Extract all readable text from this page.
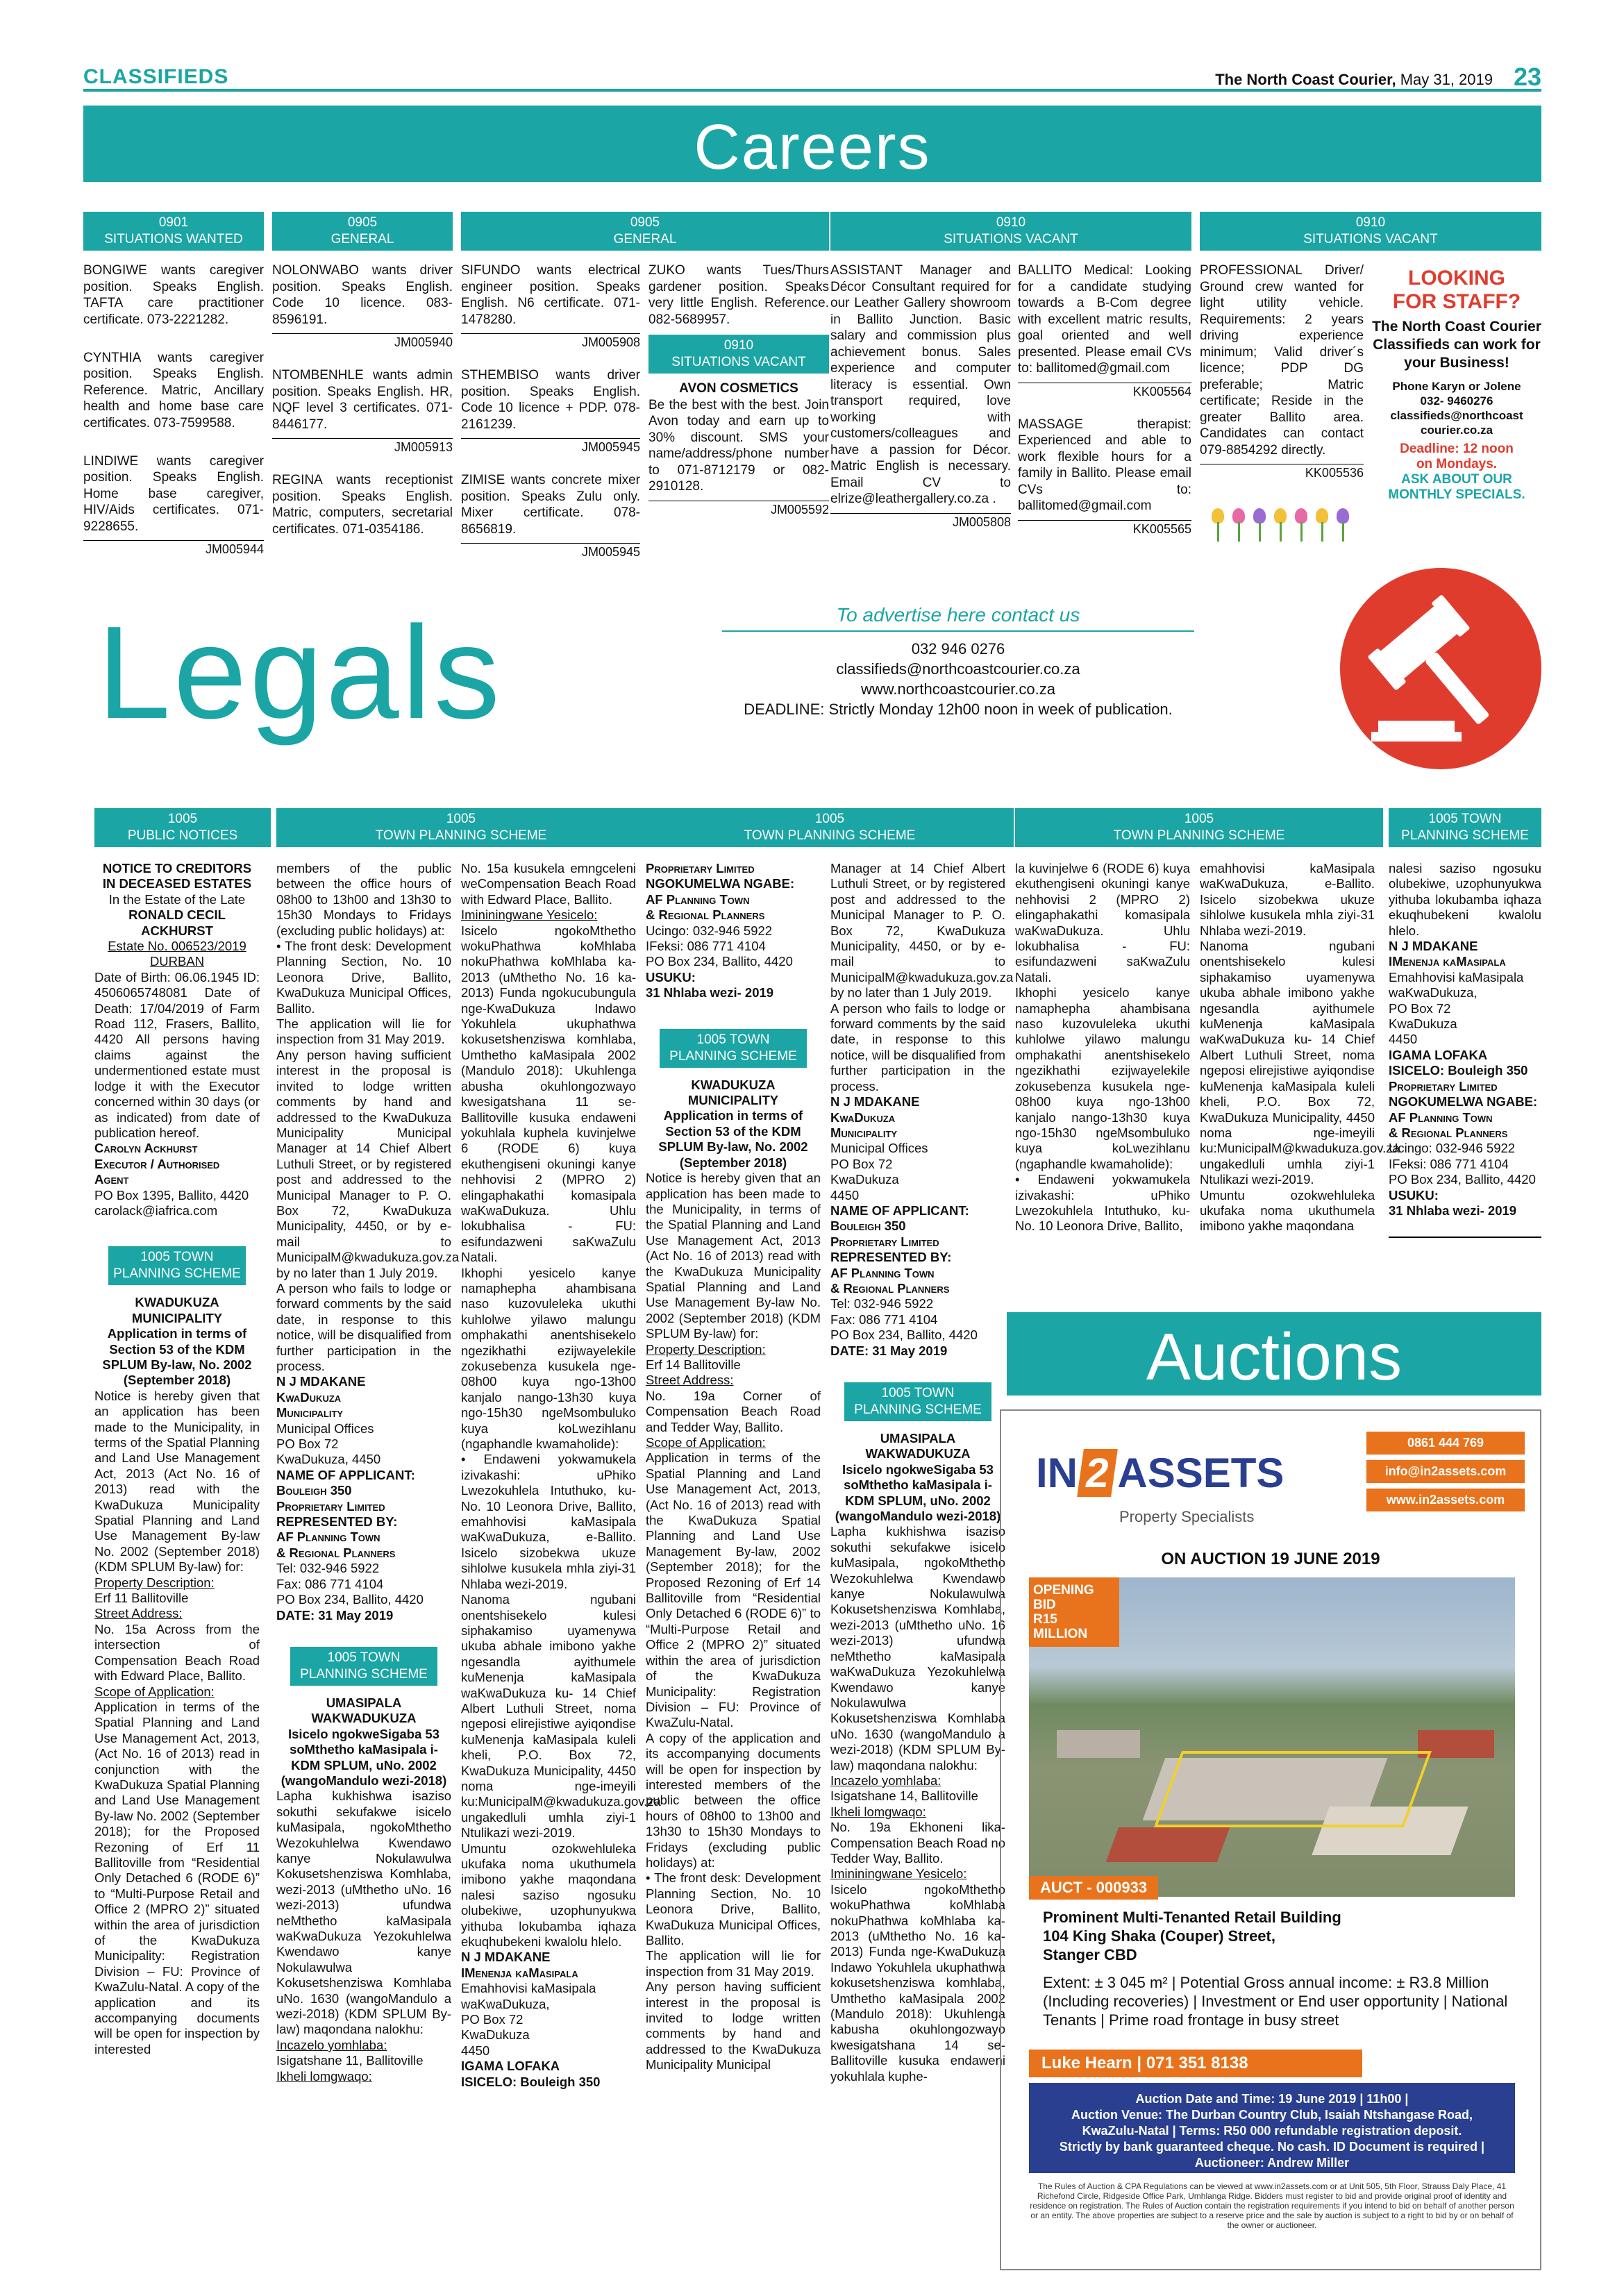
CLASSIFIEDS	The North Coast Courier, May 31, 2019 23
Careers
0901
SITUATIONS WANTED
0905
GENERAL
0905
GENERAL
0910
SITUATIONS VACANT
0910
SITUATIONS VACANT

BONGIWE wants caregiver position. Speaks English. TAFTA care practitioner certificate. 073-2221282.

CYNTHIA wants caregiver position. Speaks English. Reference. Matric, Ancillary health and home base care certificates. 073-7599588.

LINDIWE wants caregiver position. Speaks English. Home base caregiver, HIV/Aids certificates. 071-9228655.

JM005944

NOLONWABO wants driver position. Speaks English. Code 10 licence. 083-8596191.

JM005940

NTOMBENHLE wants admin position. Speaks English. HR, NQF level 3 certificates. 071-8446177.

JM005913

REGINA wants receptionist position. Speaks English. Matric, computers, secretarial certificates. 071-0354186.

SIFUNDO wants electrical engineer position. Speaks English. N6 certificate. 071-1478280.

JM005908

STHEMBISO wants driver position. Speaks English. Code 10 licence + PDP. 078-2161239.

JM005945

ZIMISE wants concrete mixer position. Speaks Zulu only. Mixer certificate. 078-8656819.

JM005945

ZUKO wants Tues/Thurs gardener position. Speaks very little English. Reference. 082-5689957.

0910
SITUATIONS VACANT
AVON COSMETICS

Be the best with the best. Join Avon today and earn up to 30% discount. SMS your name/address/phone number to 071-8712179 or 082-2910128.

JM005592

ASSISTANT Manager and Décor Consultant required for our Leather Gallery showroom in Ballito Junction. Basic salary and commission plus achievement bonus. Sales experience and computer literacy is essential. Own transport required, love working with customers/colleagues and have a passion for Décor. Matric English is necessary. Email CV to elrize@leathergallery.co.za .

JM005808

BALLITO Medical: Looking for a candidate studying towards a B-Com degree with excellent matric results, goal oriented and well presented. Please email CVs to: ballitomed@gmail.com

KK005564

MASSAGE therapist: Experienced and able to work flexible hours for a family in Ballito. Please email CVs to: ballitomed@gmail.com

KK005565

PROFESSIONAL Driver/ Ground crew wanted for light utility vehicle. Requirements: 2 years driving experience minimum; Valid driver´s licence; PDP DG preferable; Matric certificate; Reside in the greater Ballito area. Candidates can contact 079-8854292 directly.

KK005536
LOOKING
FOR STAFF?
The North Coast Courier Classifieds can work for your Business!
Phone Karyn or Jolene
032- 9460276
classifieds@northcoast
courier.co.za
Deadline: 12 noon
on Mondays.
ASK ABOUT OUR
MONTHLY SPECIALS.
Legals	To advertise here contact us
032 946 0276
classifieds@northcoastcourier.co.za
www.northcoastcourier.co.za
DEADLINE: Strictly Monday 12h00 noon in week of publication.
1005
PUBLIC NOTICES
1005
TOWN PLANNING SCHEME
1005
TOWN PLANNING SCHEME
1005
TOWN PLANNING SCHEME
1005 TOWN
PLANNING SCHEME

NOTICE TO CREDITORS

IN DECEASED ESTATES

In the Estate of the Late

RONALD CECIL

ACKHURST

Estate No. 006523/2019

DURBAN

Date of Birth: 06.06.1945 ID: 4506065748081 Date of Death: 17/04/2019 of Farm Road 112, Frasers, Ballito, 4420 All persons having claims against the undermentioned estate must lodge it with the Executor concerned within 30 days (or as indicated) from date of publication hereof.

Carolyn Ackhurst

Executor / Authorised

Agent

PO Box 1395, Ballito, 4420 carolack@iafrica.com

1005 TOWN
PLANNING SCHEME

KWADUKUZA

MUNICIPALITY

Application in terms of Section 53 of the KDM SPLUM By-law, No. 2002 (September 2018)

Notice is hereby given that an application has been made to the Municipality, in terms of the Spatial Planning and Land Use Management Act, 2013 (Act No. 16 of 2013) read with the KwaDukuza Municipality Spatial Planning and Land Use Management By-law No. 2002 (September 2018) (KDM SPLUM By-law) for:

Property Description:

Erf 11 Ballitoville

Street Address:

No. 15a Across from the intersection of Compensation Beach Road with Edward Place, Ballito.

Scope of Application:

Application in terms of the Spatial Planning and Land Use Management Act, 2013, (Act No. 16 of 2013) read in conjunction with the KwaDukuza Spatial Planning and Land Use Management By-law No. 2002 (September 2018); for the Proposed Rezoning of Erf 11 Ballitoville from “Residential Only Detached 6 (RODE 6)” to “Multi-Purpose Retail and Office 2 (MPRO 2)” situated within the area of jurisdiction of the KwaDukuza Municipality: Registration Division – FU: Province of KwaZulu-Natal. A copy of the application and its accompanying documents will be open for inspection by interested

members of the public between the office hours of 08h00 to 13h00 and 13h30 to 15h30 Mondays to Fridays (excluding public holidays) at:

• The front desk: Development Planning Section, No. 10 Leonora Drive, Ballito, KwaDukuza Municipal Offices, Ballito.

The application will lie for inspection from 31 May 2019.

Any person having sufficient interest in the proposal is invited to lodge written comments by hand and addressed to the KwaDukuza Municipality Municipal Manager at 14 Chief Albert Luthuli Street, or by registered post and addressed to the Municipal Manager to P. O. Box 72, KwaDukuza Municipality, 4450, or by e-mail to MunicipalM@kwadukuza.gov.za by no later than 1 July 2019.

A person who fails to lodge or forward comments by the said date, in response to this notice, will be disqualified from further participation in the process.

N J MDAKANE

KwaDukuza

Municipality

Municipal Offices

PO Box 72

KwaDukuza, 4450

NAME OF APPLICANT:

Bouleigh 350

Proprietary Limited

REPRESENTED BY:

AF Planning Town

& Regional Planners

Tel: 032-946 5922

Fax: 086 771 4104

PO Box 234, Ballito, 4420

DATE: 31 May 2019

1005 TOWN
PLANNING SCHEME

UMASIPALA

WAKWADUKUZA

Isicelo ngokweSigaba 53 soMthetho kaMasipala i-KDM SPLUM, uNo. 2002 (wangoMandulo wezi-2018)

Lapha kukhishwa isaziso sokuthi sekufakwe isicelo kuMasipala, ngokoMthetho Wezokuhlelwa Kwendawo kanye Nokulawulwa Kokusetshenziswa Komhlaba, wezi-2013 (uMthetho uNo. 16 wezi-2013) ufundwa neMthetho kaMasipala waKwaDukuza Yezokuhlelwa Kwendawo kanye Nokulawulwa Kokusetshenziswa Komhlaba uNo. 1630 (wangoMandulo a wezi-2018) (KDM SPLUM By-law) maqondana nalokhu:

Incazelo yomhlaba:

Isigatshane 11, Ballitoville

Ikheli lomgwaqo:

No. 15a kusukela emngceleni weCompensation Beach Road with Edward Place, Ballito.

Imininingwane Yesicelo:

Isicelo ngokoMthetho wokuPhathwa koMhlaba nokuPhathwa koMhlaba ka-2013 (uMthetho No. 16 ka-2013) Funda ngokucubungula nge-KwaDukuza Indawo Yokuhlela ukuphathwa kokusetshenziswa komhlaba, Umthetho kaMasipala 2002 (Mandulo 2018): Ukuhlenga abusha okuhlongozwayo kwesigatshana 11 se-Ballitoville kusuka endaweni yokuhlala kuphela kuvinjelwe 6 (RODE 6) kuya ekuthengiseni okuningi kanye nehhovisi 2 (MPRO 2) elingaphakathi komasipala waKwaDukuza. Uhlu lokubhalisa - FU: esifundazweni saKwaZulu Natali.

Ikhophi yesicelo kanye namaphepha ahambisana naso kuzovuleleka ukuthi kuhlolwe yilawo malungu omphakathi anentshisekelo ngezikhathi ezijwayelekile zokusebenza kusukela nge-08h00 kuya ngo-13h00 kanjalo nango-13h30 kuya ngo-15h30 ngeMsombuluko kuya koLwezihlanu (ngaphandle kwamaholide):

• Endaweni yokwamukela izivakashi: uPhiko Lwezokuhlela Intuthuko, ku-No. 10 Leonora Drive, Ballito, emahhovisi kaMasipala waKwaDukuza, e-Ballito. Isicelo sizobekwa ukuze sihlolwe kusukela mhla ziyi-31 Nhlaba wezi-2019.

Nanoma ngubani onentshisekelo kulesi siphakamiso uyamenywa ukuba abhale imibono yakhe ngesandla ayithumele kuMenenja kaMasipala waKwaDukuza ku- 14 Chief Albert Luthuli Street, noma ngeposi elirejistiwe ayiqondise kuMenenja kaMasipala kuleli kheli, P.O. Box 72, KwaDukuza Municipality, 4450 noma nge-imeyili ku:MunicipalM@kwadukuza.gov.za ungakedluli umhla ziyi-1 Ntulikazi wezi-2019.

Umuntu ozokwehluleka ukufaka noma ukuthumela imibono yakhe maqondana nalesi saziso ngosuku olubekiwe, uzophunyukwa yithuba lokubamba iqhaza ekuqhubekeni kwalolu hlelo.

N J MDAKANE

IMenenja kaMasipala

Emahhovisi kaMasipala

waKwaDukuza,

PO Box 72

KwaDukuza

4450

IGAMA LOFAKA

ISICELO: Bouleigh 350

Proprietary Limited

NGOKUMELWA NGABE:

AF Planning Town

& Regional Planners

Ucingo: 032-946 5922

IFeksi: 086 771 4104

PO Box 234, Ballito, 4420

USUKU:

31 Nhlaba wezi- 2019

1005 TOWN
PLANNING SCHEME

KWADUKUZA

MUNICIPALITY

Application in terms of Section 53 of the KDM SPLUM By-law, No. 2002 (September 2018)

Notice is hereby given that an application has been made to the Municipality, in terms of the Spatial Planning and Land Use Management Act, 2013 (Act No. 16 of 2013) read with the KwaDukuza Municipality Spatial Planning and Land Use Management By-law No. 2002 (September 2018) (KDM SPLUM By-law) for:

Property Description:

Erf 14 Ballitoville

Street Address:

No. 19a Corner of Compensation Beach Road and Tedder Way, Ballito.

Scope of Application:

Application in terms of the Spatial Planning and Land Use Management Act, 2013, (Act No. 16 of 2013) read with the KwaDukuza Spatial Planning and Land Use Management By-law, 2002 (September 2018); for the Proposed Rezoning of Erf 14 Ballitoville from “Residential Only Detached 6 (RODE 6)” to “Multi-Purpose Retail and Office 2 (MPRO 2)” situated within the area of jurisdiction of the KwaDukuza Municipality: Registration Division – FU: Province of KwaZulu-Natal.

A copy of the application and its accompanying documents will be open for inspection by interested members of the public between the office hours of 08h00 to 13h00 and 13h30 to 15h30 Mondays to Fridays (excluding public holidays) at:

• The front desk: Development Planning Section, No. 10 Leonora Drive, Ballito, KwaDukuza Municipal Offices, Ballito.

The application will lie for inspection from 31 May 2019.

Any person having sufficient interest in the proposal is invited to lodge written comments by hand and addressed to the KwaDukuza Municipality Municipal

Manager at 14 Chief Albert Luthuli Street, or by registered post and addressed to the Municipal Manager to P. O. Box 72, KwaDukuza Municipality, 4450, or by e-mail to MunicipalM@kwadukuza.gov.za by no later than 1 July 2019.

A person who fails to lodge or forward comments by the said date, in response to this notice, will be disqualified from further participation in the process.

N J MDAKANE

KwaDukuza

Municipality

Municipal Offices

PO Box 72

KwaDukuza

4450

NAME OF APPLICANT:

Bouleigh 350

Proprietary Limited

REPRESENTED BY:

AF Planning Town

& Regional Planners

Tel: 032-946 5922

Fax: 086 771 4104

PO Box 234, Ballito, 4420

DATE: 31 May 2019

1005 TOWN
PLANNING SCHEME

UMASIPALA

WAKWADUKUZA

Isicelo ngokweSigaba 53 soMthetho kaMasipala i-KDM SPLUM, uNo. 2002 (wangoMandulo wezi-2018)

Lapha kukhishwa isaziso sokuthi sekufakwe isicelo kuMasipala, ngokoMthetho Wezokuhlelwa Kwendawo kanye Nokulawulwa Kokusetshenziswa Komhlaba, wezi-2013 (uMthetho uNo. 16 wezi-2013) ufundwa neMthetho kaMasipala waKwaDukuza Yezokuhlelwa Kwendawo kanye Nokulawulwa Kokusetshenziswa Komhlaba uNo. 1630 (wangoMandulo a wezi-2018) (KDM SPLUM By-law) maqondana nalokhu:

Incazelo yomhlaba:

Isigatshane 14, Ballitoville

Ikheli lomgwaqo:

No. 19a Ekhoneni lika-Compensation Beach Road no Tedder Way, Ballito.

Imininingwane Yesicelo:

Isicelo ngokoMthetho wokuPhathwa koMhlaba nokuPhathwa koMhlaba ka-2013 (uMthetho No. 16 ka-2013) Funda nge-KwaDukuza Indawo Yokuhlela ukuphathwa kokusetshenziswa komhlaba, Umthetho kaMasipala 2002 (Mandulo 2018): Ukuhlenga kabusha okuhlongozwayo kwesigatshana 14 se-Ballitoville kusuka endaweni yokuhlala kuphe-

la kuvinjelwe 6 (RODE 6) kuya ekuthengiseni okuningi kanye nehhovisi 2 (MPRO 2) elingaphakathi komasipala waKwaDukuza. Uhlu lokubhalisa - FU: esifundazweni saKwaZulu Natali.

Ikhophi yesicelo kanye namaphepha ahambisana naso kuzovuleleka ukuthi kuhlolwe yilawo malungu omphakathi anentshisekelo ngezikhathi ezijwayelekile zokusebenza kusukela nge-08h00 kuya ngo-13h00 kanjalo nango-13h30 kuya ngo-15h30 ngeMsombuluko kuya koLwezihlanu (ngaphandle kwamaholide):

• Endaweni yokwamukela izivakashi: uPhiko Lwezokuhlela Intuthuko, ku-No. 10 Leonora Drive, Ballito,

emahhovisi kaMasipala waKwaDukuza, e-Ballito. Isicelo sizobekwa ukuze sihlolwe kusukela mhla ziyi-31 Nhlaba wezi-2019.

Nanoma ngubani onentshisekelo kulesi siphakamiso uyamenywa ukuba abhale imibono yakhe ngesandla ayithumele kuMenenja kaMasipala waKwaDukuza ku- 14 Chief Albert Luthuli Street, noma ngeposi elirejistiwe ayiqondise kuMenenja kaMasipala kuleli kheli, P.O. Box 72, KwaDukuza Municipality, 4450 noma nge-imeyili ku:MunicipalM@kwadukuza.gov.za ungakedluli umhla ziyi-1 Ntulikazi wezi-2019.

Umuntu ozokwehluleka ukufaka noma ukuthumela imibono yakhe maqondana

nalesi saziso ngosuku olubekiwe, uzophunyukwa yithuba lokubamba iqhaza ekuqhubekeni kwalolu hlelo.

N J MDAKANE

IMenenja kaMasipala

Emahhovisi kaMasipala

waKwaDukuza,

PO Box 72

KwaDukuza

4450

IGAMA LOFAKA

ISICELO: Bouleigh 350

Proprietary Limited

NGOKUMELWA NGABE:

AF Planning Town

& Regional Planners

Ucingo: 032-946 5922

IFeksi: 086 771 4104

PO Box 234, Ballito, 4420

USUKU:

31 Nhlaba wezi- 2019

Auctions
IN 2 ASSETS
Property Specialists
0861 444 769
info@in2assets.com
www.in2assets.com
ON AUCTION 19 JUNE 2019
OPENING
BID
R15 MILLION
AUCT - 000933
Prominent Multi-Tenanted Retail Building
104 King Shaka (Couper) Street,
Stanger CBD
Extent: ± 3 045 m² | Potential Gross annual income: ± R3.8 Million (Including recoveries) | Investment or End user opportunity | National Tenants | Prime road frontage in busy street
Luke Hearn | 071 351 8138
Auction Date and Time: 19 June 2019 | 11h00 |
Auction Venue: The Durban Country Club, Isaiah Ntshangase Road,
KwaZulu-Natal | Terms: R50 000 refundable registration deposit.
Strictly by bank guaranteed cheque. No cash. ID Document is required |
Auctioneer: Andrew Miller
The Rules of Auction & CPA Regulations can be viewed at www.in2assets.com or at Unit 505, 5th Floor, Strauss Daly Place, 41 Richefond Circle, Ridgeside Office Park, Umhlanga Ridge. Bidders must register to bid and provide original proof of identity and residence on registration. The Rules of Auction contain the registration requirements if you intend to bid on behalf of another person or an entity. The above properties are subject to a reserve price and the sale by auction is subject to a right to bid by or on behalf of the owner or auctioneer.
